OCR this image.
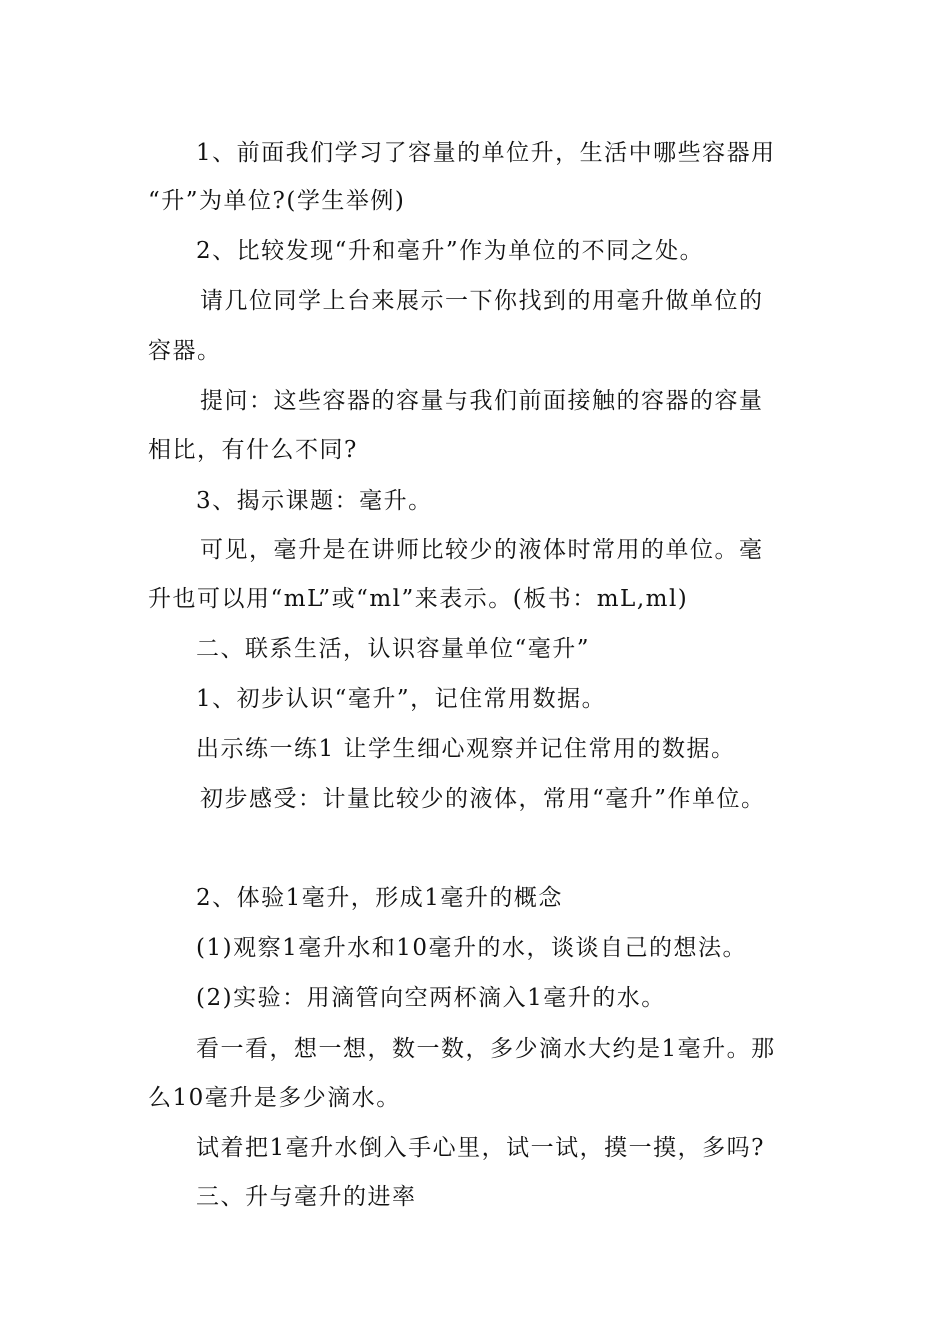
1、前面我们学习了容量的单位升，生活中哪些容器用
“升”为单位?(学生举例)
2、比较发现“升和毫升”作为单位的不同之处。
请几位同学上台来展示一下你找到的用毫升做单位的
容器。
提问：这些容器的容量与我们前面接触的容器的容量
相比，有什么不同?
3、揭示课题：毫升。
可见，毫升是在讲师比较少的液体时常用的单位。毫
升也可以用“mL”或“ml”来表示。(板书：mL,ml)
二、联系生活，认识容量单位“毫升”
1、初步认识“毫升”，记住常用数据。
出示练一练1 让学生细心观察并记住常用的数据。
初步感受：计量比较少的液体，常用“毫升”作单位。
2、体验1毫升，形成1毫升的概念
(1)观察1毫升水和10毫升的水，谈谈自己的想法。
(2)实验：用滴管向空两杯滴入1毫升的水。
看一看，想一想，数一数，多少滴水大约是1毫升。那
么10毫升是多少滴水。
试着把1毫升水倒入手心里，试一试，摸一摸，多吗?
三、升与毫升的进率
